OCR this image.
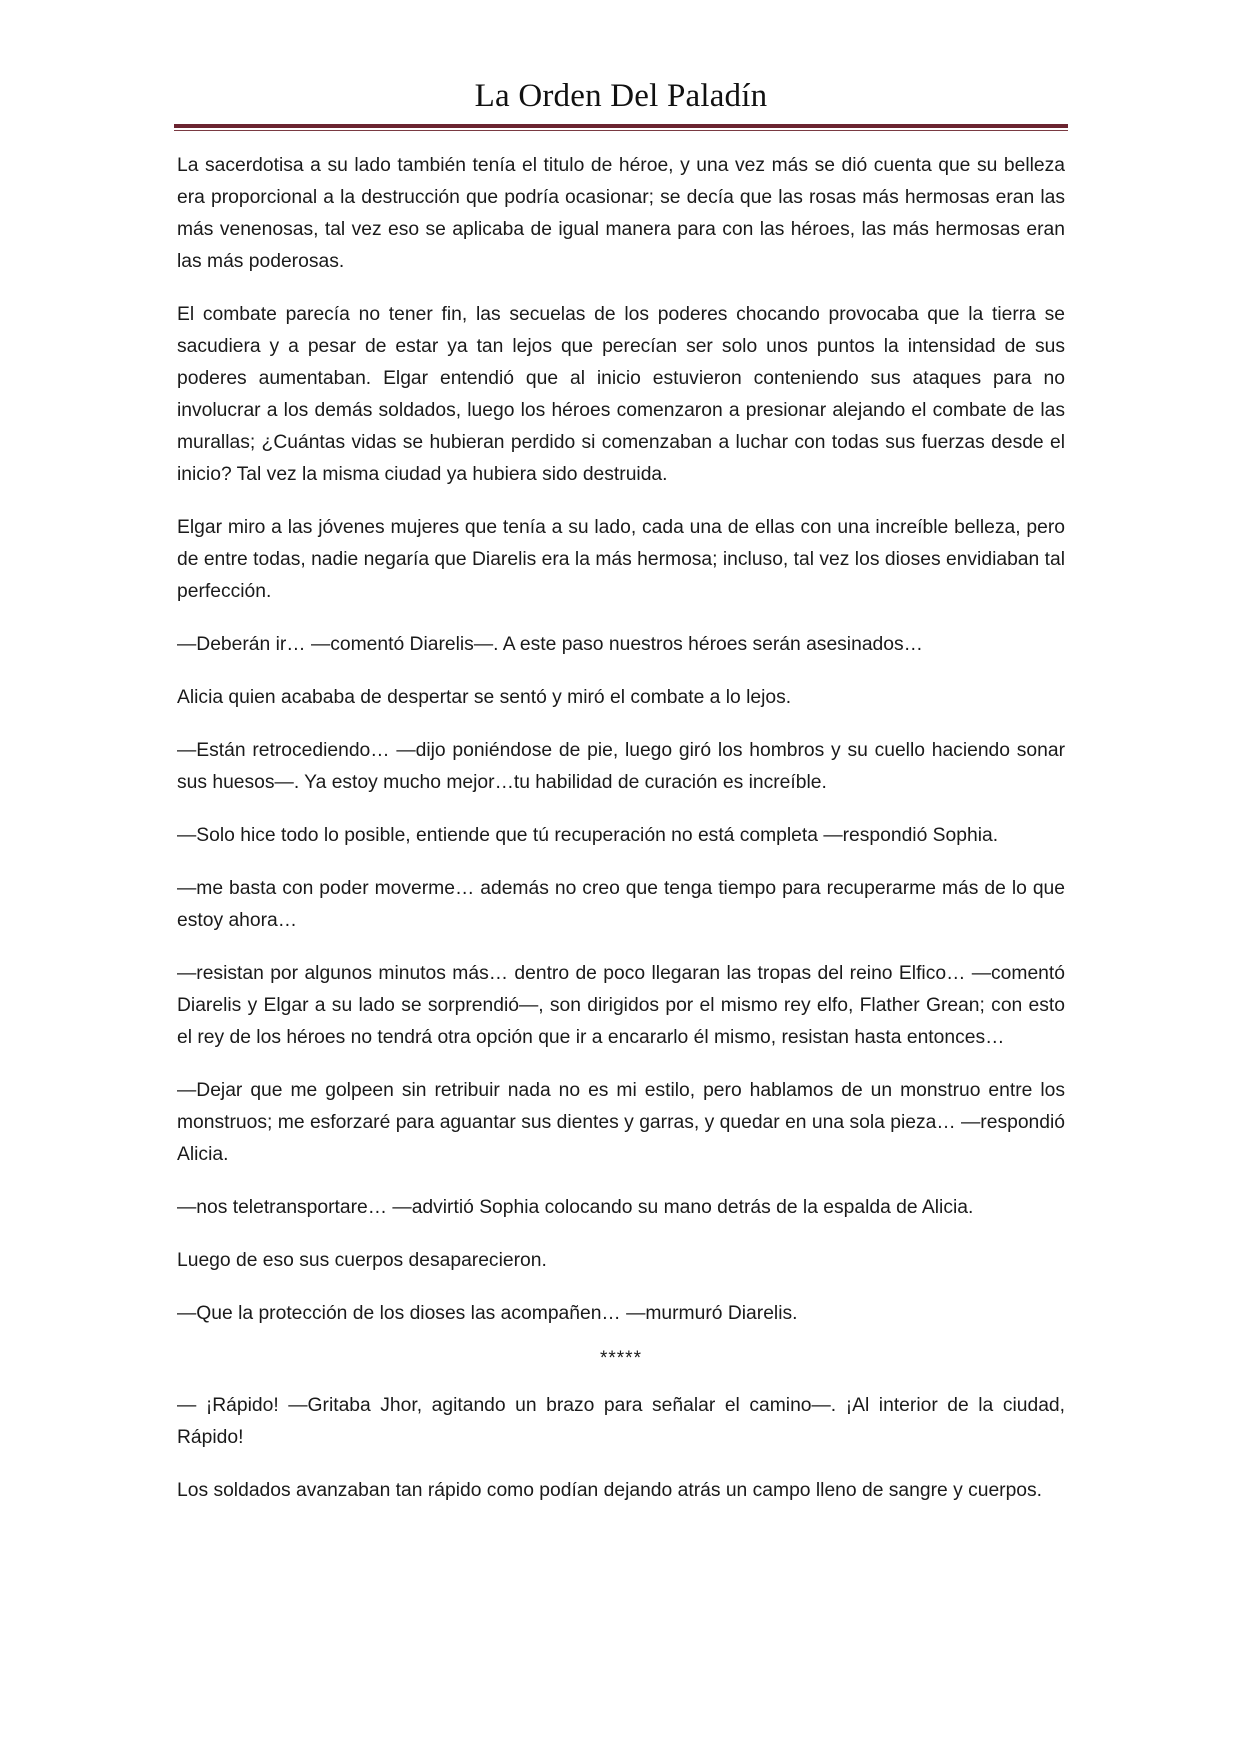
La Orden Del Paladín

La sacerdotisa a su lado también tenía el titulo de héroe, y una vez más se dió cuenta que su belleza era proporcional a la destrucción que podría ocasionar; se decía que las rosas más hermosas eran las más venenosas, tal vez eso se aplicaba de igual manera para con las héroes, las más hermosas eran las más poderosas.

El combate parecía no tener fin, las secuelas de los poderes chocando provocaba que la tierra se sacudiera y a pesar de estar ya tan lejos que perecían ser solo unos puntos la intensidad de sus poderes aumentaban. Elgar entendió que al inicio estuvieron conteniendo sus ataques para no involucrar a los demás soldados, luego los héroes comenzaron a presionar alejando el combate de las murallas; ¿Cuántas vidas se hubieran perdido si comenzaban a luchar con todas sus fuerzas desde el inicio? Tal vez la misma ciudad ya hubiera sido destruida.

Elgar miro a las jóvenes mujeres que tenía a su lado, cada una de ellas con una increíble belleza, pero de entre todas, nadie negaría que Diarelis era la más hermosa; incluso, tal vez los dioses envidiaban tal perfección.

—Deberán ir… —comentó Diarelis—. A este paso nuestros héroes serán asesinados…

Alicia quien acababa de despertar se sentó y miró el combate a lo lejos.

—Están retrocediendo… —dijo poniéndose de pie, luego giró los hombros y su cuello haciendo sonar sus huesos—. Ya estoy mucho mejor…tu habilidad de curación es increíble.

—Solo hice todo lo posible, entiende que tú recuperación no está completa —respondió Sophia.

—me basta con poder moverme… además no creo que tenga tiempo para recuperarme más de lo que estoy ahora…

—resistan por algunos minutos más… dentro de poco llegaran las tropas del reino Elfico… —comentó Diarelis y Elgar a su lado se sorprendió—, son dirigidos por el mismo rey elfo, Flather Grean; con esto el rey de los héroes no tendrá otra opción que ir a encararlo él mismo, resistan hasta entonces…

—Dejar que me golpeen sin retribuir nada no es mi estilo, pero hablamos de un monstruo entre los monstruos; me esforzaré para aguantar sus dientes y garras, y quedar en una sola pieza… —respondió Alicia.

—nos teletransportare… —advirtió Sophia colocando su mano detrás de la espalda de Alicia.

Luego de eso sus cuerpos desaparecieron.

—Que la protección de los dioses las acompañen… —murmuró Diarelis.

*****

— ¡Rápido! —Gritaba Jhor, agitando un brazo para señalar el camino—. ¡Al interior de la ciudad, Rápido!

Los soldados avanzaban tan rápido como podían dejando atrás un campo lleno de sangre y cuerpos.
